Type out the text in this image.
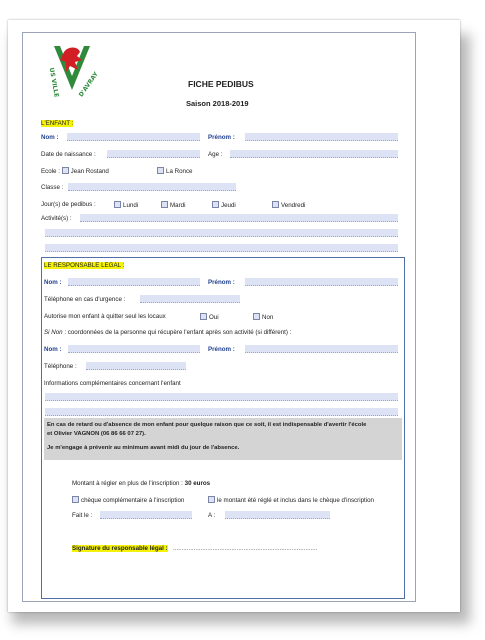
US VILLE	D'AVRAY	FICHE PEDIBUS
Saison 2018-2019
L'ENFANT :
Nom :	Prénom :
Date de naissance :	Age :
Ecole : Jean Rostand	La Ronce
Classe :
Jour(s) de pedibus :	Lundi	Mardi	Jeudi	Vendredi
Activité(s) :
LE RESPONSABLE LEGAL :
Nom :	Prénom :
Téléphone en cas d'urgence :
Autorise mon enfant à quitter seul les locaux	Oui	Non
Si Non : coordonnées de la personne qui récupère l'enfant après son activité (si différent) :
Nom :	Prénom :
Téléphone :
Informations complémentaires concernant l'enfant
En cas de retard ou d'absence de mon enfant pour quelque raison que ce soit, il est indispensable d'avertir l'école
et Olivier VAGNON (06 86 66 07 27).
Je m'engage à prévenir au minimum avant midi du jour de l'absence.
Montant à régler en plus de l'inscription : 30 euros
chèque complémentaire à l'inscription	le montant été réglé et inclus dans le chèque d'inscription
Fait le :	A :
Signature du responsable légal : ....................................................................................
